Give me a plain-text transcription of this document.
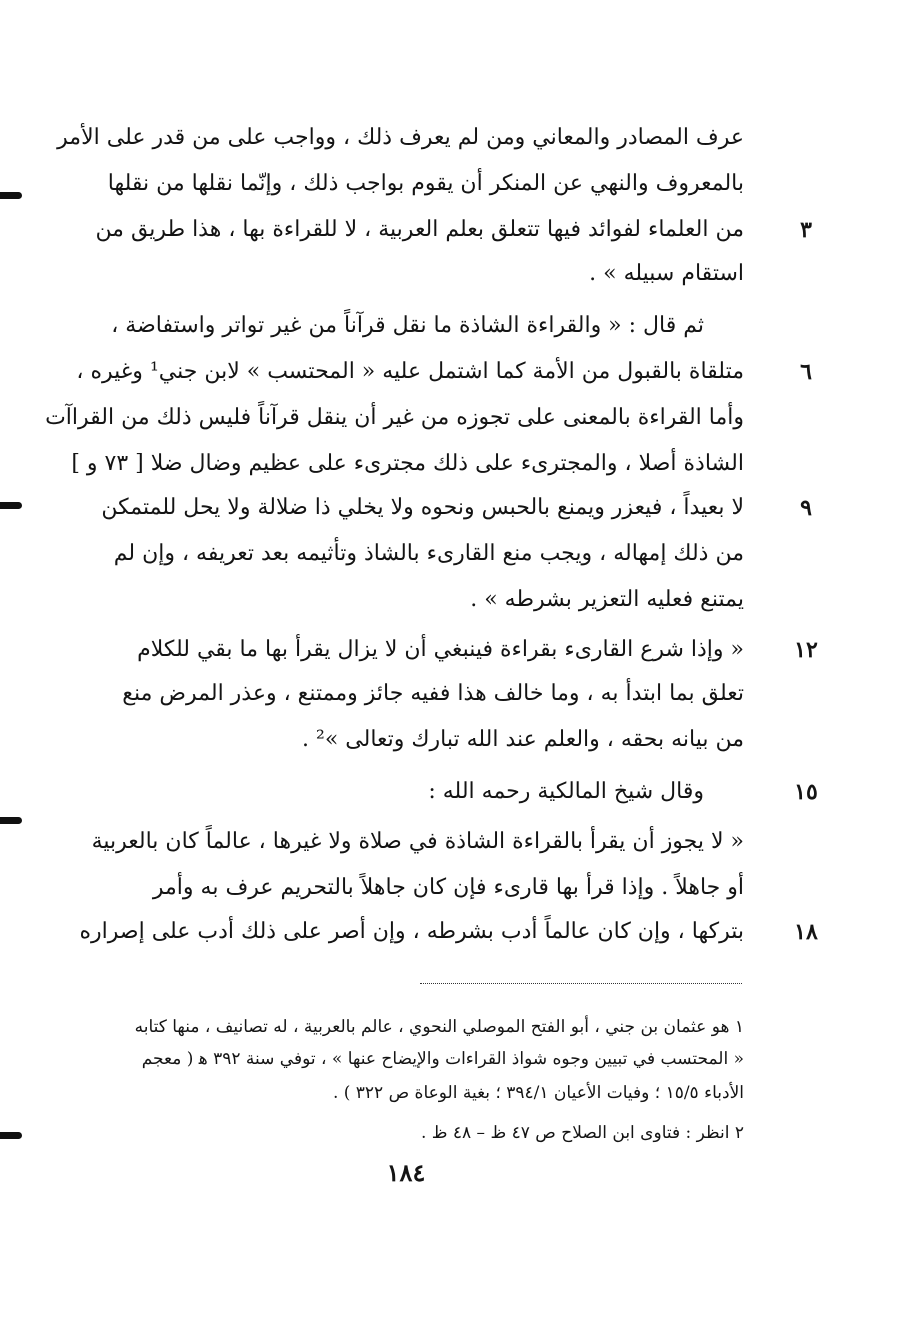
عرف المصادر والمعاني ومن لم يعرف ذلك ، وواجب على من قدر على الأمر
بالمعروف والنهي عن المنكر أن يقوم بواجب ذلك ، وإنّما نقلها من نقلها
من العلماء لفوائد فيها تتعلق بعلم العربية ، لا للقراءة بها ، هذا طريق من	٣
استقام سبيله » .
ثم قال : « والقراءة الشاذة ما نقل قرآناً من غير تواتر واستفاضة ،
متلقاة بالقبول من الأمة كما اشتمل عليه « المحتسب » لابن جني¹ وغيره ،	٦
وأما القراءة بالمعنى على تجوزه من غير أن ينقل قرآناً فليس ذلك من القراآت
الشاذة أصلا ، والمجترىء على ذلك مجترىء على عظيم وضال ضلا [ ٧٣ و ]
لا بعيداً ، فيعزر ويمنع بالحبس ونحوه ولا يخلي ذا ضلالة ولا يحل للمتمكن	٩
من ذلك إمهاله ، ويجب منع القارىء بالشاذ وتأثيمه بعد تعريفه ، وإن لم
يمتنع فعليه التعزير بشرطه » .
« وإذا شرع القارىء بقراءة فينبغي أن لا يزال يقرأ بها ما بقي للكلام	١٢
تعلق بما ابتدأ به ، وما خالف هذا ففيه جائز وممتنع ، وعذر المرض منع
من بيانه بحقه ، والعلم عند الله تبارك وتعالى »² .
وقال شيخ المالكية رحمه الله :	١٥
« لا يجوز أن يقرأ بالقراءة الشاذة في صلاة ولا غيرها ، عالماً كان بالعربية
أو جاهلاً . وإذا قرأ بها قارىء فإن كان جاهلاً بالتحريم عرف به وأمر
بتركها ، وإن كان عالماً أدب بشرطه ، وإن أصر على ذلك أدب على إصراره	١٨
١ هو عثمان بن جني ، أبو الفتح الموصلي النحوي ، عالم بالعربية ، له تصانيف ، منها كتابه
« المحتسب في تبيين وجوه شواذ القراءات والإيضاح عنها » ، توفي سنة ٣٩٢ ﻫ ( معجم
الأدباء ١٥/٥ ؛ وفيات الأعيان ٣٩٤/١ ؛ بغية الوعاة ص ٣٢٢ ) .
٢ انظر : فتاوى ابن الصلاح ص ٤٧ ظ – ٤٨ ظ .
١٨٤
